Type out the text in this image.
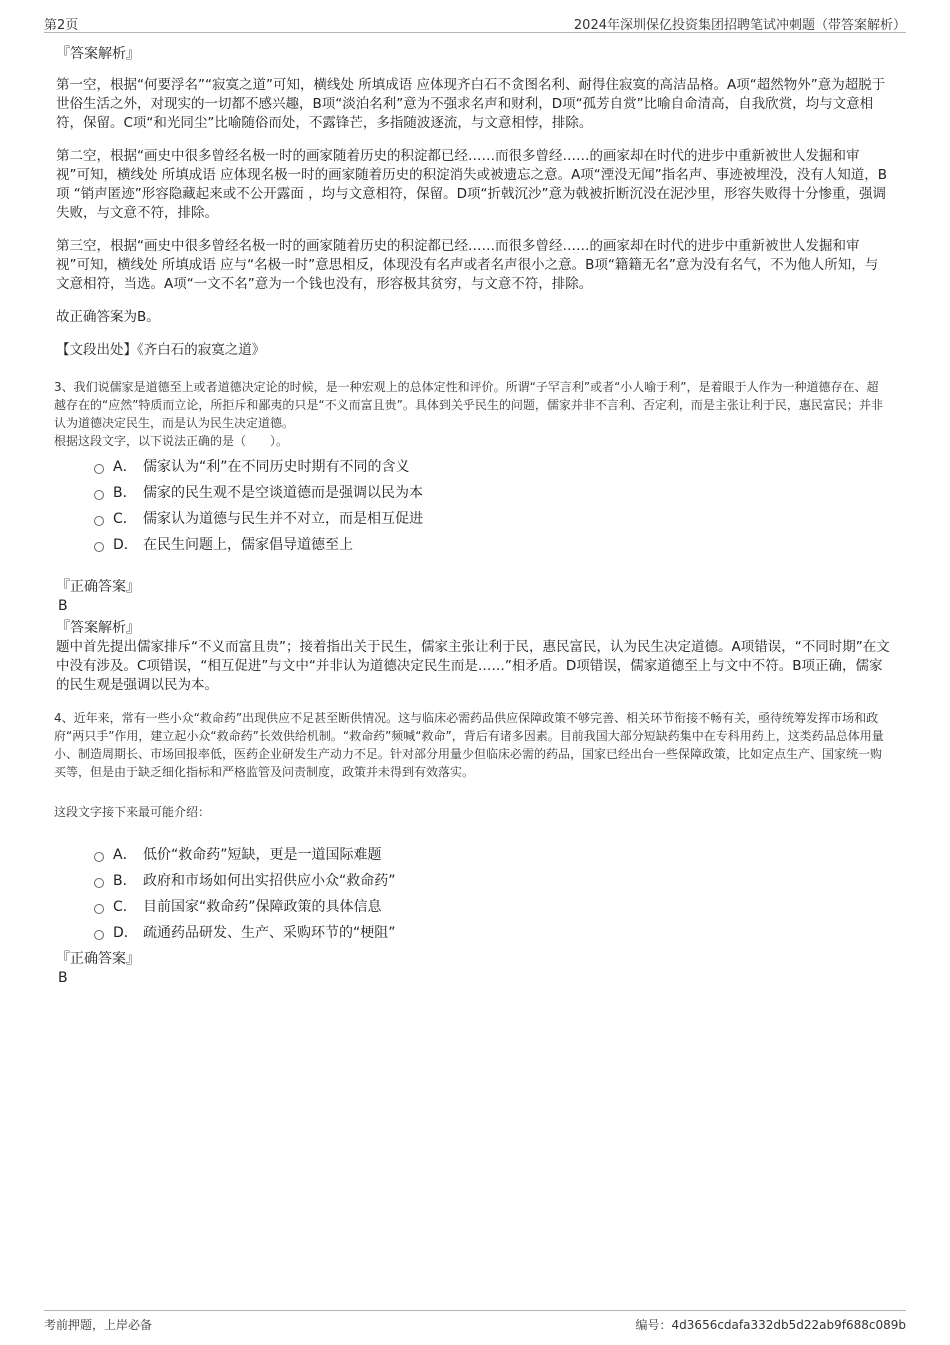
第2页	2024年深圳保亿投资集团招聘笔试冲刺题（带答案解析）

『答案解析』

第一空，根据“何要浮名”“寂寞之道”可知，横线处 所填成语 应体现齐白石不贪图名利、耐得住寂寞的高洁品格。A项“超然物外”意为超脱于世俗生活之外，对现实的一切都不感兴趣，B项“淡泊名利”意为不强求名声和财利，D项“孤芳自赏”比喻自命清高，自我欣赏，均与文意相符，保留。C项“和光同尘”比喻随俗而处，不露锋芒，多指随波逐流，与文意相悖，排除。

第二空，根据“画史中很多曾经名极一时的画家随着历史的积淀都已经……而很多曾经……的画家却在时代的进步中重新被世人发掘和审视”可知，横线处 所填成语 应体现名极一时的画家随着历史的积淀消失或被遗忘之意。A项“湮没无闻”指名声、事迹被埋没，没有人知道，B项 “销声匿迹”形容隐藏起来或不公开露面 ，均与文意相符，保留。D项“折戟沉沙”意为戟被折断沉没在泥沙里，形容失败得十分惨重，强调失败，与文意不符，排除。

第三空，根据“画史中很多曾经名极一时的画家随着历史的积淀都已经……而很多曾经……的画家却在时代的进步中重新被世人发掘和审视”可知，横线处 所填成语 应与“名极一时”意思相反，体现没有名声或者名声很小之意。B项“籍籍无名”意为没有名气，不为他人所知，与文意相符，当选。A项“一文不名”意为一个钱也没有，形容极其贫穷，与文意不符，排除。

故正确答案为B。

【文段出处】《齐白石的寂寞之道》

3、我们说儒家是道德至上或者道德决定论的时候，是一种宏观上的总体定性和评价。所谓“子罕言利”或者“小人喻于利”，是着眼于人作为一种道德存在、超越存在的“应然”特质而立论，所拒斥和鄙夷的只是“不义而富且贵”。具体到关乎民生的问题，儒家并非不言利、否定利，而是主张让利于民，惠民富民；并非认为道德决定民生，而是认为民生决定道德。

根据这段文字，以下说法正确的是（　　）。

A． 儒家认为“利”在不同历史时期有不同的含义
B． 儒家的民生观不是空谈道德而是强调以民为本
C． 儒家认为道德与民生并不对立，而是相互促进
D． 在民生问题上，儒家倡导道德至上

『正确答案』

B

『答案解析』

题中首先提出儒家排斥“不义而富且贵”；接着指出关于民生，儒家主张让利于民，惠民富民，认为民生决定道德。A项错误，“不同时期”在文中没有涉及。C项错误，“相互促进”与文中“并非认为道德决定民生而是……”相矛盾。D项错误，儒家道德至上与文中不符。B项正确，儒家的民生观是强调以民为本。

4、近年来，常有一些小众“救命药”出现供应不足甚至断供情况。这与临床必需药品供应保障政策不够完善、相关环节衔接不畅有关，亟待统筹发挥市场和政府“两只手”作用，建立起小众“救命药”长效供给机制。“救命药”频喊“救命”，背后有诸多因素。目前我国大部分短缺药集中在专科用药上，这类药品总体用量小、制造周期长、市场回报率低，医药企业研发生产动力不足。针对部分用量少但临床必需的药品，国家已经出台一些保障政策，比如定点生产、国家统一购买等，但是由于缺乏细化指标和严格监管及问责制度，政策并未得到有效落实。

这段文字接下来最可能介绍：

A． 低价“救命药”短缺，更是一道国际难题
B． 政府和市场如何出实招供应小众“救命药”
C． 目前国家“救命药”保障政策的具体信息
D． 疏通药品研发、生产、采购环节的“梗阻”

『正确答案』

B

考前押题，上岸必备	编号：4d3656cdafa332db5d22ab9f688c089b
